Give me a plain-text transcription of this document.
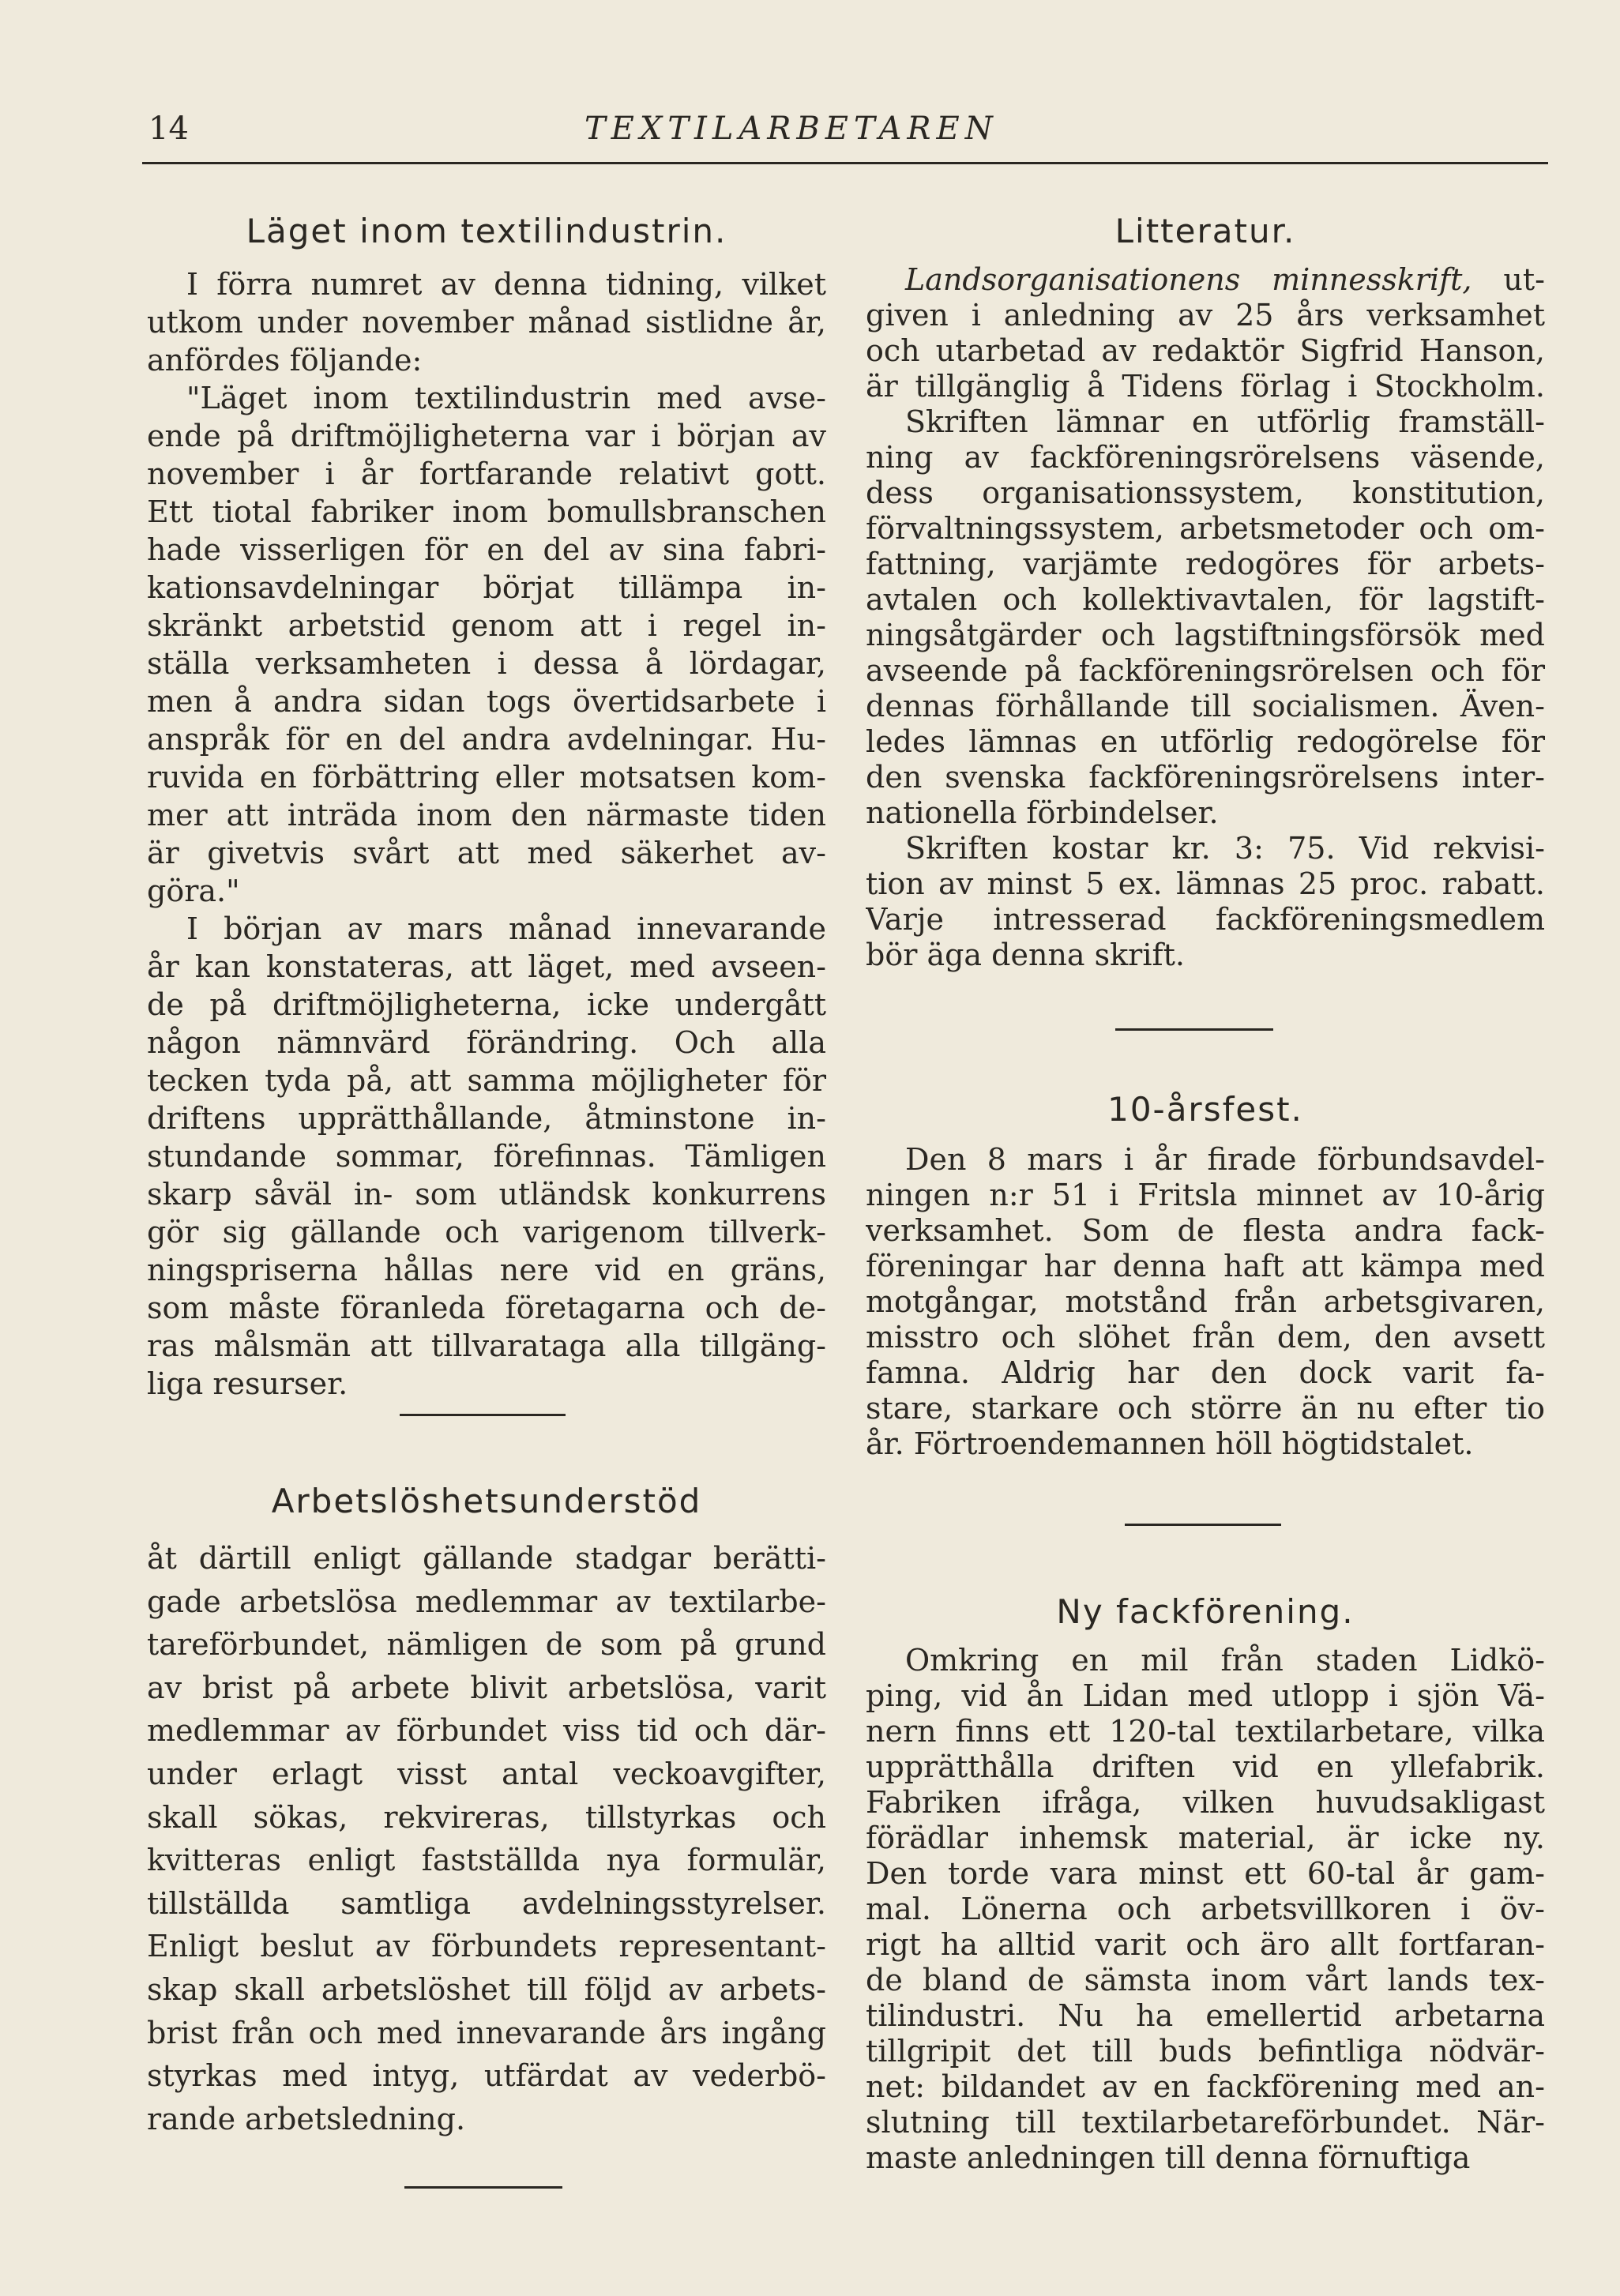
14	TEXTILARBETAREN
Läget inom textilindustrin.
I förra numret av denna tidning, vilket
utkom under november månad sistlidne år,
anfördes följande:
"Läget inom textilindustrin med avse-
ende på driftmöjligheterna var i början av
november i år fortfarande relativt gott.
Ett tiotal fabriker inom bomullsbranschen
hade visserligen för en del av sina fabri-
kationsavdelningar börjat tillämpa in-
skränkt arbetstid genom att i regel in-
ställa verksamheten i dessa å lördagar,
men å andra sidan togs övertidsarbete i
anspråk för en del andra avdelningar. Hu-
ruvida en förbättring eller motsatsen kom-
mer att inträda inom den närmaste tiden
är givetvis svårt att med säkerhet av-
göra."
I början av mars månad innevarande
år kan konstateras, att läget, med avseen-
de på driftmöjligheterna, icke undergått
någon nämnvärd förändring. Och alla
tecken tyda på, att samma möjligheter för
driftens upprätthållande, åtminstone in-
stundande sommar, förefinnas. Tämligen
skarp såväl in- som utländsk konkurrens
gör sig gällande och varigenom tillverk-
ningspriserna hållas nere vid en gräns,
som måste föranleda företagarna och de-
ras målsmän att tillvarataga alla tillgäng-
liga resurser.
Arbetslöshetsunderstöd
åt därtill enligt gällande stadgar berätti-
gade arbetslösa medlemmar av textilarbe-
tareförbundet, nämligen de som på grund
av brist på arbete blivit arbetslösa, varit
medlemmar av förbundet viss tid och där-
under erlagt visst antal veckoavgifter,
skall sökas, rekvireras, tillstyrkas och
kvitteras enligt fastställda nya formulär,
tillställda samtliga avdelningsstyrelser.
Enligt beslut av förbundets representant-
skap skall arbetslöshet till följd av arbets-
brist från och med innevarande års ingång
styrkas med intyg, utfärdat av vederbö-
rande arbetsledning.
Litteratur.
Landsorganisationens minnesskrift, ut-
given i anledning av 25 års verksamhet
och utarbetad av redaktör Sigfrid Hanson,
är tillgänglig å Tidens förlag i Stockholm.
Skriften lämnar en utförlig framställ-
ning av fackföreningsrörelsens väsende,
dess organisationssystem, konstitution,
förvaltningssystem, arbetsmetoder och om-
fattning, varjämte redogöres för arbets-
avtalen och kollektivavtalen, för lagstift-
ningsåtgärder och lagstiftningsförsök med
avseende på fackföreningsrörelsen och för
dennas förhållande till socialismen. Även-
ledes lämnas en utförlig redogörelse för
den svenska fackföreningsrörelsens inter-
nationella förbindelser.
Skriften kostar kr. 3: 75. Vid rekvisi-
tion av minst 5 ex. lämnas 25 proc. rabatt.
Varje intresserad fackföreningsmedlem
bör äga denna skrift.
10-årsfest.
Den 8 mars i år firade förbundsavdel-
ningen n:r 51 i Fritsla minnet av 10-årig
verksamhet. Som de flesta andra fack-
föreningar har denna haft att kämpa med
motgångar, motstånd från arbetsgivaren,
misstro och slöhet från dem, den avsett
famna. Aldrig har den dock varit fa-
stare, starkare och större än nu efter tio
år. Förtroendemannen höll högtidstalet.
Ny fackförening.
Omkring en mil från staden Lidkö-
ping, vid ån Lidan med utlopp i sjön Vä-
nern finns ett 120-tal textilarbetare, vilka
upprätthålla driften vid en yllefabrik.
Fabriken ifråga, vilken huvudsakligast
förädlar inhemsk material, är icke ny.
Den torde vara minst ett 60-tal år gam-
mal. Lönerna och arbetsvillkoren i öv-
rigt ha alltid varit och äro allt fortfaran-
de bland de sämsta inom vårt lands tex-
tilindustri. Nu ha emellertid arbetarna
tillgripit det till buds befintliga nödvär-
net: bildandet av en fackförening med an-
slutning till textilarbetareförbundet. När-
maste anledningen till denna förnuftiga
